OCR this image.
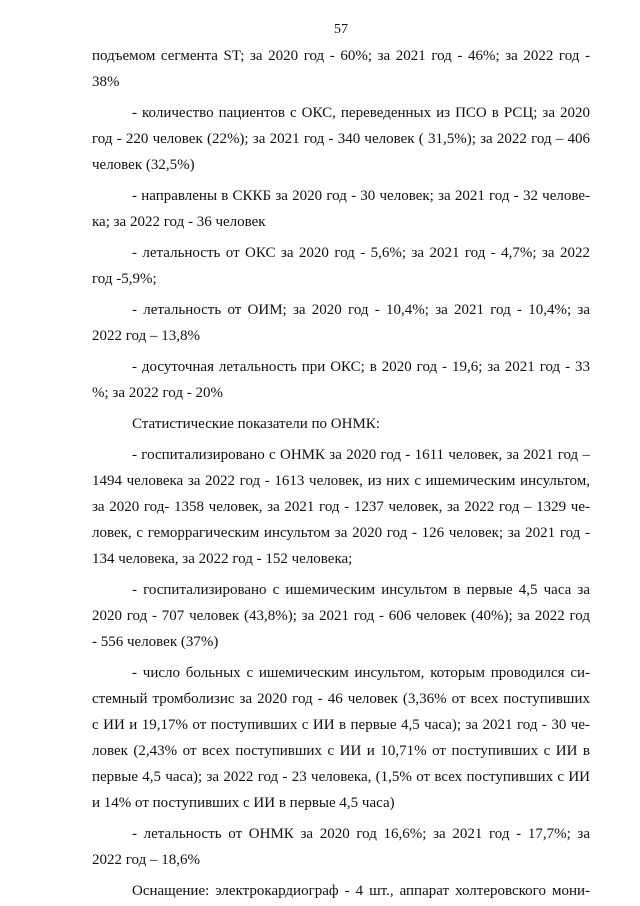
57
подъемом сегмента ST; за 2020 год - 60%; за 2021 год - 46%; за 2022 год -
38%
- количество пациентов с ОКС, переведенных из ПСО в РСЦ; за 2020
год - 220 человек (22%); за 2021 год - 340 человек ( 31,5%); за 2022 год – 406
человек (32,5%)
- направлены в СККБ за 2020 год - 30 человек; за 2021 год - 32 челове-
ка; за 2022 год - 36 человек
- летальность от ОКС за 2020 год - 5,6%; за 2021 год - 4,7%; за 2022
год -5,9%;
- летальность от ОИМ; за 2020 год - 10,4%; за 2021 год - 10,4%; за
2022 год – 13,8%
- досуточная летальность при ОКС; в 2020 год - 19,6; за 2021 год - 33
%; за 2022 год - 20%
Статистические показатели по ОНМК:
- госпитализировано с ОНМК за 2020 год - 1611 человек, за 2021 год –
1494 человека за 2022 год - 1613 человек, из них с ишемическим инсультом,
за 2020 год- 1358 человек, за 2021 год - 1237 человек, за 2022 год – 1329 че-
ловек, с геморрагическим инсультом за 2020 год - 126 человек; за 2021 год -
134 человека, за 2022 год - 152 человека;
- госпитализировано с ишемическим инсультом в первые 4,5 часа за
2020 год - 707 человек (43,8%); за 2021 год - 606 человек (40%); за 2022 год
- 556 человек (37%)
- число больных с ишемическим инсультом, которым проводился си-
стемный тромболизис за 2020 год - 46 человек (3,36% от всех поступивших
с ИИ и 19,17% от поступивших с ИИ в первые 4,5 часа); за 2021 год - 30 че-
ловек (2,43% от всех поступивших с ИИ и 10,71% от поступивших с ИИ в
первые 4,5 часа); за 2022 год - 23 человека, (1,5% от всех поступивших с ИИ
и 14% от поступивших с ИИ в первые 4,5 часа)
- летальность от ОНМК за 2020 год 16,6%; за 2021 год - 17,7%; за
2022 год – 18,6%
Оснащение: электрокардиограф - 4 шт., аппарат холтеровского мони-
